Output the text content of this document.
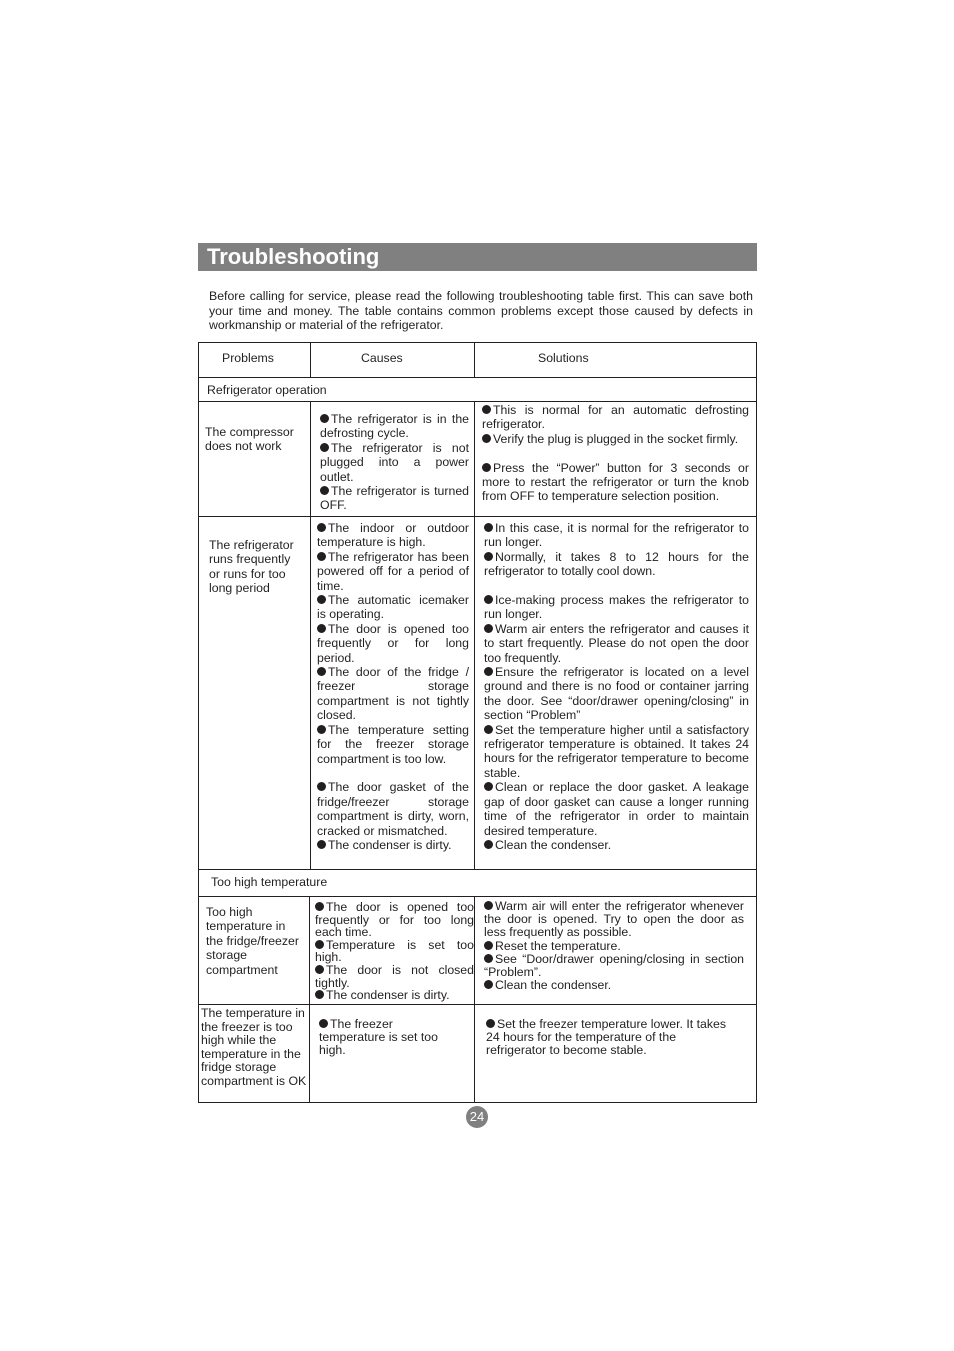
Troubleshooting

Before calling for service, please read the following troubleshooting table first. This can save both your time and money. The table contains common problems except those caused by defects in workmanship or material of the refrigerator.

Problems	Causes	Solutions
Refrigerator operation
The compressor does not work

The refrigerator is in the defrosting cycle.

The refrigerator is not plugged into a power outlet.

The refrigerator is turned OFF.

This is normal for an automatic defrosting refrigerator.

Verify the plug is plugged in the socket firmly.

Press the “Power” button for 3 seconds or more to restart the refrigerator or turn the knob from OFF to temperature selection position.

The refrigerator runs frequently or runs for too long period

The indoor or outdoor temperature is high.

The refrigerator has been powered off for a period of time.

The automatic icemaker is operating.

The door is opened too frequently or for long period.

The door of the fridge / freezer storage compartment is not tightly closed.

The temperature setting for the freezer storage compartment is too low.

The door gasket of the fridge/freezer storage compartment is dirty, worn, cracked or mismatched.

The condenser is dirty.

In this case, it is normal for the refrigerator to run longer.

Normally, it takes 8 to 12 hours for the refrigerator to totally cool down.

Ice-making process makes the refrigerator to run longer.

Warm air enters the refrigerator and causes it to start frequently. Please do not open the door too frequently.

Ensure the refrigerator is located on a level ground and there is no food or container jarring the door. See “door/drawer opening/closing” in section “Problem”

Set the temperature higher until a satisfactory refrigerator temperature is obtained. It takes 24 hours for the refrigerator temperature to become stable.

Clean or replace the door gasket. A leakage gap of door gasket can cause a longer running time of the refrigerator in order to maintain desired temperature.

Clean the condenser.

Too high temperature
Too high temperature in the fridge/freezer storage compartment

The door is opened too frequently or for too long each time.

Temperature is set too high.

The door is not closed tightly.

The condenser is dirty.

Warm air will enter the refrigerator whenever the door is opened. Try to open the door as less frequently as possible.

Reset the temperature.

See “Door/drawer opening/closing in section “Problem”.

Clean the condenser.

The temperature in the freezer is too high while the temperature in the fridge storage compartment is OK

The freezer temperature is set too high.

Set the freezer temperature lower. It takes 24 hours for the temperature of the refrigerator to become stable.

24
